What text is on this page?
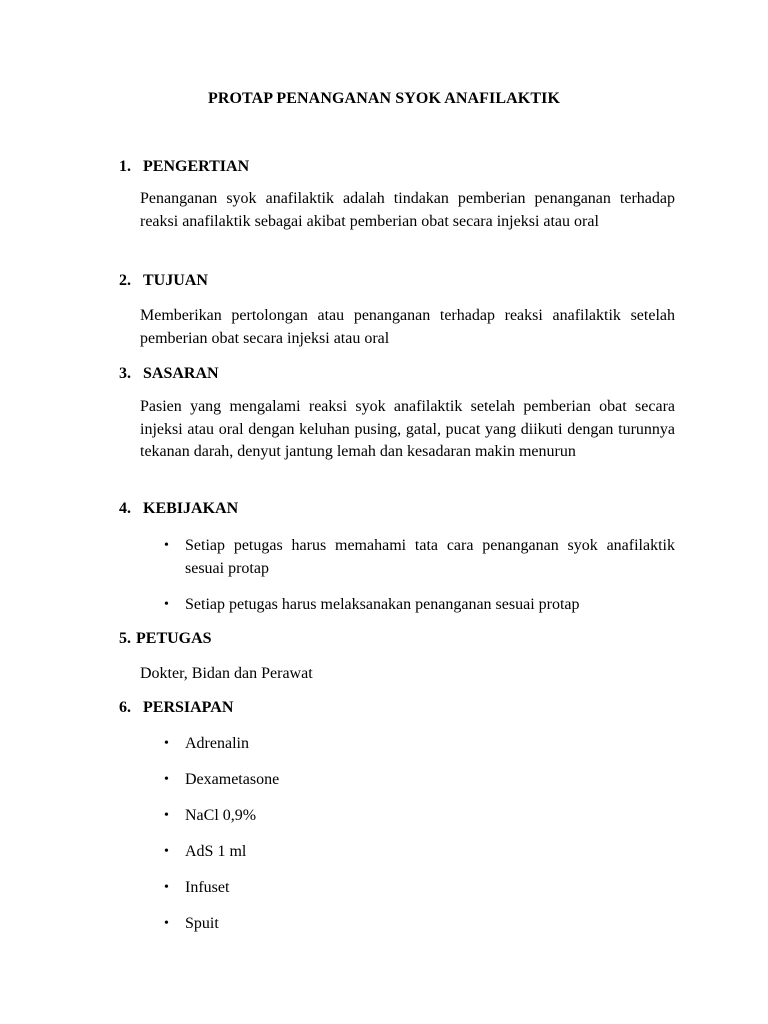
PROTAP PENANGANAN SYOK ANAFILAKTIK
1. PENGERTIAN
Penanganan syok anafilaktik adalah tindakan pemberian penanganan terhadap reaksi anafilaktik sebagai akibat pemberian obat secara injeksi atau oral
2. TUJUAN
Memberikan pertolongan atau penanganan terhadap reaksi anafilaktik setelah pemberian obat secara injeksi atau oral
3. SASARAN
Pasien yang mengalami reaksi syok anafilaktik setelah pemberian obat secara injeksi atau oral dengan keluhan pusing, gatal, pucat yang diikuti dengan turunnya tekanan darah, denyut jantung lemah dan kesadaran makin menurun
4. KEBIJAKAN
• Setiap petugas harus memahami tata cara penanganan syok anafilaktik sesuai protap
• Setiap petugas harus melaksanakan penanganan sesuai protap
5. PETUGAS
Dokter, Bidan dan Perawat
6. PERSIAPAN
• Adrenalin
• Dexametasone
• NaCl 0,9%
• AdS 1 ml
• Infuset
• Spuit
